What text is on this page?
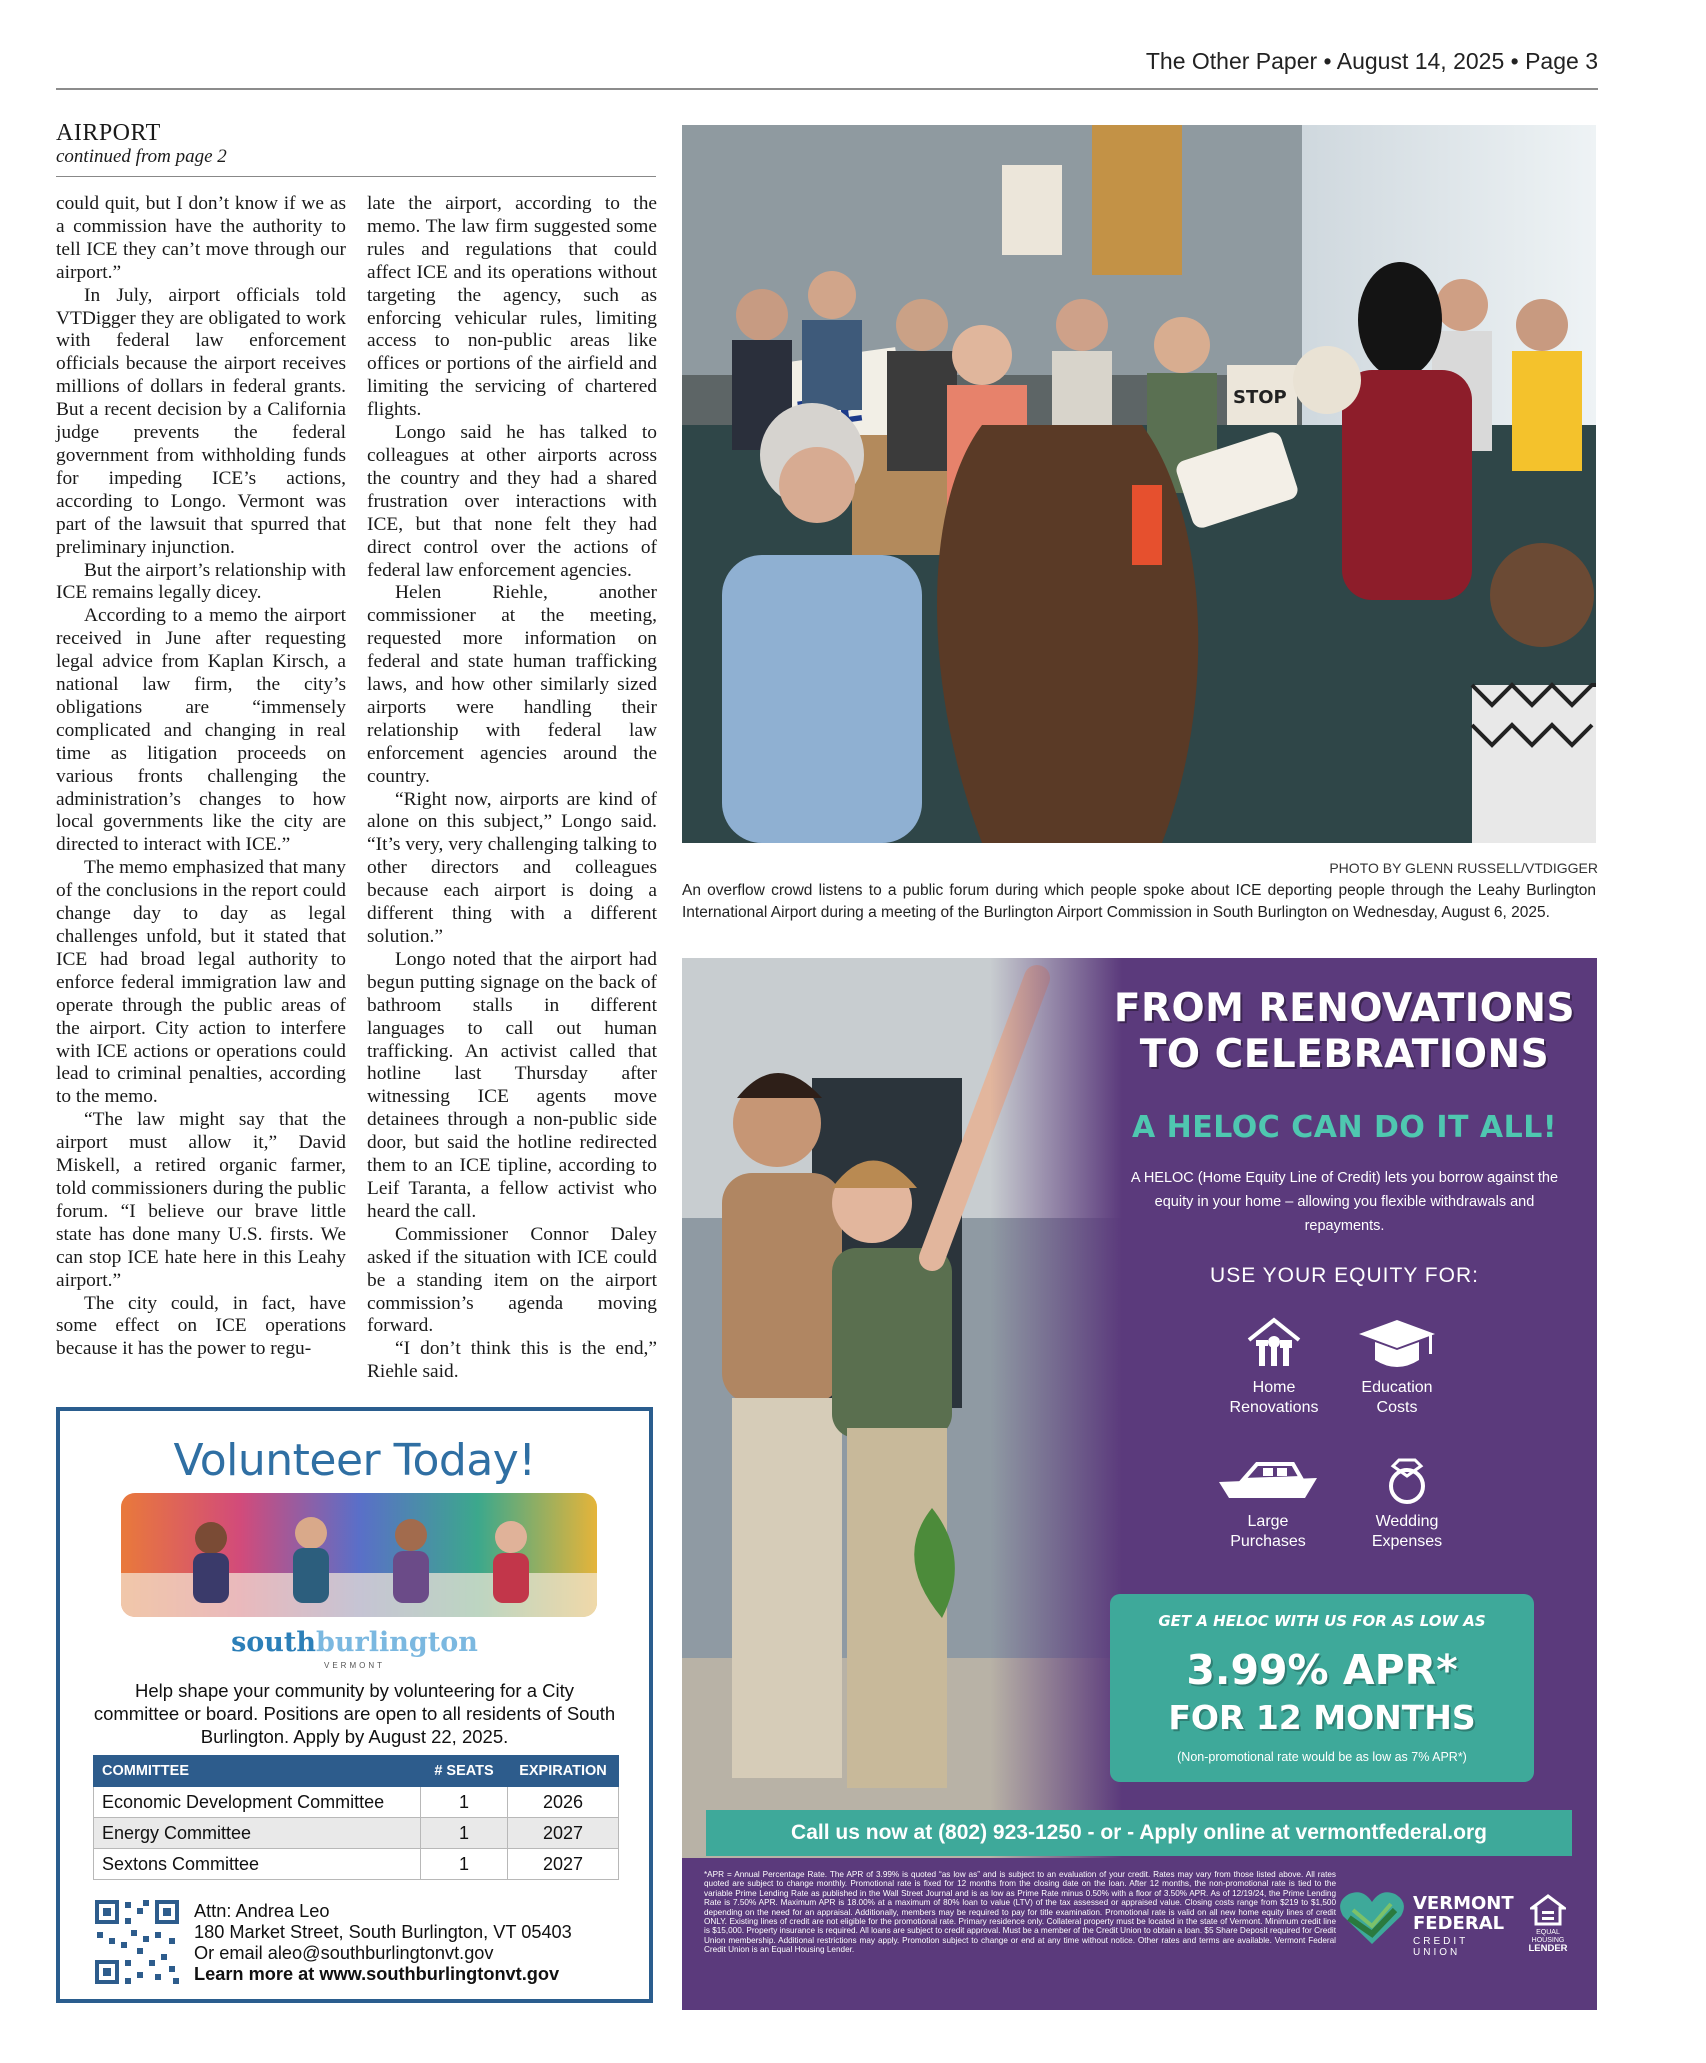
The Other Paper • August 14, 2025 • Page 3
AIRPORT
continued from page 2

could quit, but I don’t know if we as a commission have the authority to tell ICE they can’t move through our airport.”

In July, airport officials told VTDigger they are obligated to work with federal law enforcement officials because the airport receives millions of dollars in federal grants. But a recent decision by a California judge prevents the federal government from withholding funds for impeding ICE’s actions, according to Longo. Vermont was part of the lawsuit that spurred that preliminary injunction.

But the airport’s relationship with ICE remains legally dicey.

According to a memo the airport received in June after requesting legal advice from Kaplan Kirsch, a national law firm, the city’s obligations are “immensely complicated and changing in real time as litigation proceeds on various fronts challenging the administration’s changes to how local governments like the city are directed to interact with ICE.”

The memo emphasized that many of the conclusions in the report could change day to day as legal challenges unfold, but it stated that ICE had broad legal authority to enforce federal immigration law and operate through the public areas of the airport. City action to interfere with ICE actions or operations could lead to criminal penalties, according to the memo.

“The law might say that the airport must allow it,” David Miskell, a retired organic farmer, told commissioners during the public forum. “I believe our brave little state has done many U.S. firsts. We can stop ICE hate here in this Leahy airport.”

The city could, in fact, have some effect on ICE operations because it has the power to regu-

late the airport, according to the memo. The law firm suggested some rules and regulations that could affect ICE and its operations without targeting the agency, such as enforcing vehicular rules, limiting access to non-public areas like offices or portions of the airfield and limiting the servicing of chartered flights.

Longo said he has talked to colleagues at other airports across the country and they had a shared frustration over interactions with ICE, but that none felt they had direct control over the actions of federal law enforcement agencies.

Helen Riehle, another commissioner at the meeting, requested more information on federal and state human trafficking laws, and how other similarly sized airports were handling their relationship with federal law enforcement agencies around the country.

“Right now, airports are kind of alone on this subject,” Longo said. “It’s very, very challenging talking to other directors and colleagues because each airport is doing a different thing with a different solution.”

Longo noted that the airport had begun putting signage on the back of bathroom stalls in different languages to call out human trafficking. An activist called that hotline last Thursday after witnessing ICE agents move detainees through a non-public side door, but said the hotline redirected them to an ICE tipline, according to Leif Taranta, a fellow activist who heard the call.

Commissioner Connor Daley asked if the situation with ICE could be a standing item on the airport commission’s agenda moving forward.

“I don’t think this is the end,” Riehle said.

STOP
PHOTO BY GLENN RUSSELL/VTDIGGER
An overflow crowd listens to a public forum during which people spoke about ICE deporting people through the Leahy Burlington International Airport during a meeting of the Burlington Airport Commission in South Burlington on Wednesday, August 6, 2025.
Volunteer Today!
southburlington
VERMONT
Help shape your community by volunteering for a City committee or board. Positions are open to all residents of South Burlington. Apply by August 22, 2025.
COMMITTEE	# SEATS	EXPIRATION
Economic Development Committee	1	2026
Energy Committee	1	2027
Sextons Committee	1	2027
Attn: Andrea Leo
180 Market Street, South Burlington, VT 05403
Or email aleo@southburlingtonvt.gov
Learn more at www.southburlingtonvt.gov
FROM RENOVATIONS
TO CELEBRATIONS
A HELOC CAN DO IT ALL!
A HELOC (Home Equity Line of Credit) lets you borrow against the equity in your home – allowing you flexible withdrawals and repayments.
USE YOUR EQUITY FOR:
Home
Renovations
Education
Costs
Large
Purchases
Wedding
Expenses
GET A HELOC WITH US FOR AS LOW AS
3.99% APR*
FOR 12 MONTHS
(Non-promotional rate would be as low as 7% APR*)
Call us now at (802) 923-1250 - or - Apply online at vermontfederal.org
*APR = Annual Percentage Rate. The APR of 3.99% is quoted “as low as” and is subject to an evaluation of your credit. Rates may vary from those listed above. All rates quoted are subject to change monthly. Promotional rate is fixed for 12 months from the closing date on the loan. After 12 months, the non-promotional rate is tied to the variable Prime Lending Rate as published in the Wall Street Journal and is as low as Prime Rate minus 0.50% with a floor of 3.50% APR. As of 12/19/24, the Prime Lending Rate is 7.50% APR. Maximum APR is 18.00% at a maximum of 80% loan to value (LTV) of the tax assessed or appraised value. Closing costs range from $219 to $1,500 depending on the need for an appraisal. Additionally, members may be required to pay for title examination. Promotional rate is valid on all new home equity lines of credit ONLY. Existing lines of credit are not eligible for the promotional rate. Primary residence only. Collateral property must be located in the state of Vermont. Minimum credit line is $15,000. Property insurance is required. All loans are subject to credit approval. Must be a member of the Credit Union to obtain a loan. $5 Share Deposit required for Credit Union membership. Additional restrictions may apply. Promotion subject to change or end at any time without notice. Other rates and terms are available. Vermont Federal Credit Union is an Equal Housing Lender.
VERMONT
FEDERAL
CREDIT UNION
EQUAL HOUSING
LENDER
